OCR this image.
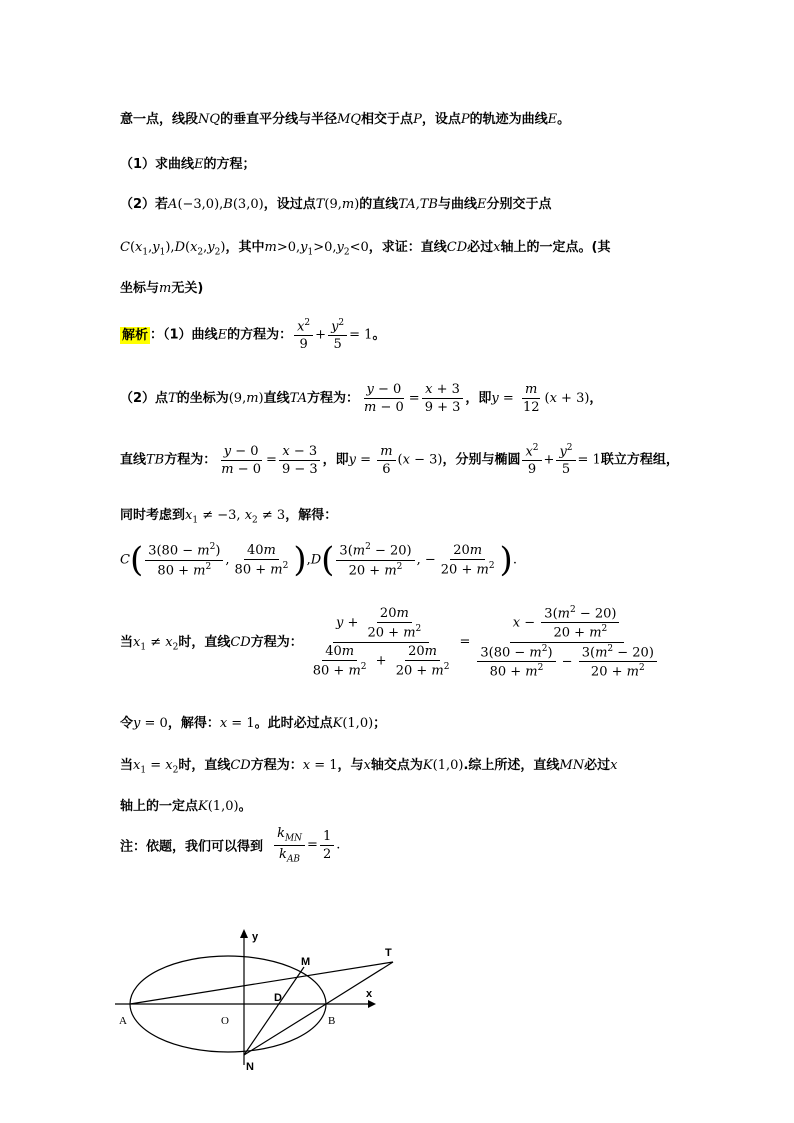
意一点，线段NQ的垂直平分线与半径MQ相交于点P，设点P的轨迹为曲线E。
（1）求曲线E的方程；
（2）若A(−3,0),B(3,0)，设过点T(9,m)的直线TA,TB与曲线E分别交于点
$C(x_1,y_1),D(x_2,y_2)$，其中$m>0,y_1>0,y_2<0$，求证：直线CD必过x轴上的一定点。(其
坐标与m无关)
解析 ：（1）曲线E的方程为： $\frac{x^2}{9} + \frac{y^2}{5} = 1$。
（2）点T的坐标为(9,m)直线TA方程为： $\frac{y - 0}{m - 0} = \frac{x + 3}{9 + 3}$ ，即$y = \frac{m}{12} (x + 3)$，
直线TB方程为： $\frac{y - 0}{m - 0} = \frac{x - 3}{9 - 3}$ ，即$y = \frac{m}{6} (x - 3)$，分别与椭圆 $\frac{x^2}{9} + \frac{y^2}{5} = 1$联立方程组，
同时考虑到$x_1 \ne -3$, $x_2 \ne 3$，解得：
$C( \frac{3(80 - m^2)}{80 + m^2}$ , $\frac{40m}{80 + m^2} ),D( \frac{3(m^2 - 20)}{20 + m^2}$ , − $\frac{20m}{20 + m^2}$ ).
当$x_1 \ne x_2$时，直线CD方程为： $\frac{y + \frac{20m}{20 + m^2}}{\frac{40m}{80 + m^2} + \frac{20m}{20 + m^2}} = \frac{x - \frac{3(m^2 - 20)}{20 + m^2}}{\frac{3(80 - m^2)}{80 + m^2} - \frac{3(m^2 - 20)}{20 + m^2}}$
令y = 0，解得：x = 1。此时必过点K(1,0)；
当$x_1 = x_2$时，直线CD方程为：x = 1，与x轴交点为K(1,0).综上所述，直线MN必过x
轴上的一定点K(1,0)。
注：依题，我们可以得到 $\frac{k_{MN}}{k_{AB}} = \frac{1}{2}$ .
y
x
M
T
D
A	O	B
N
